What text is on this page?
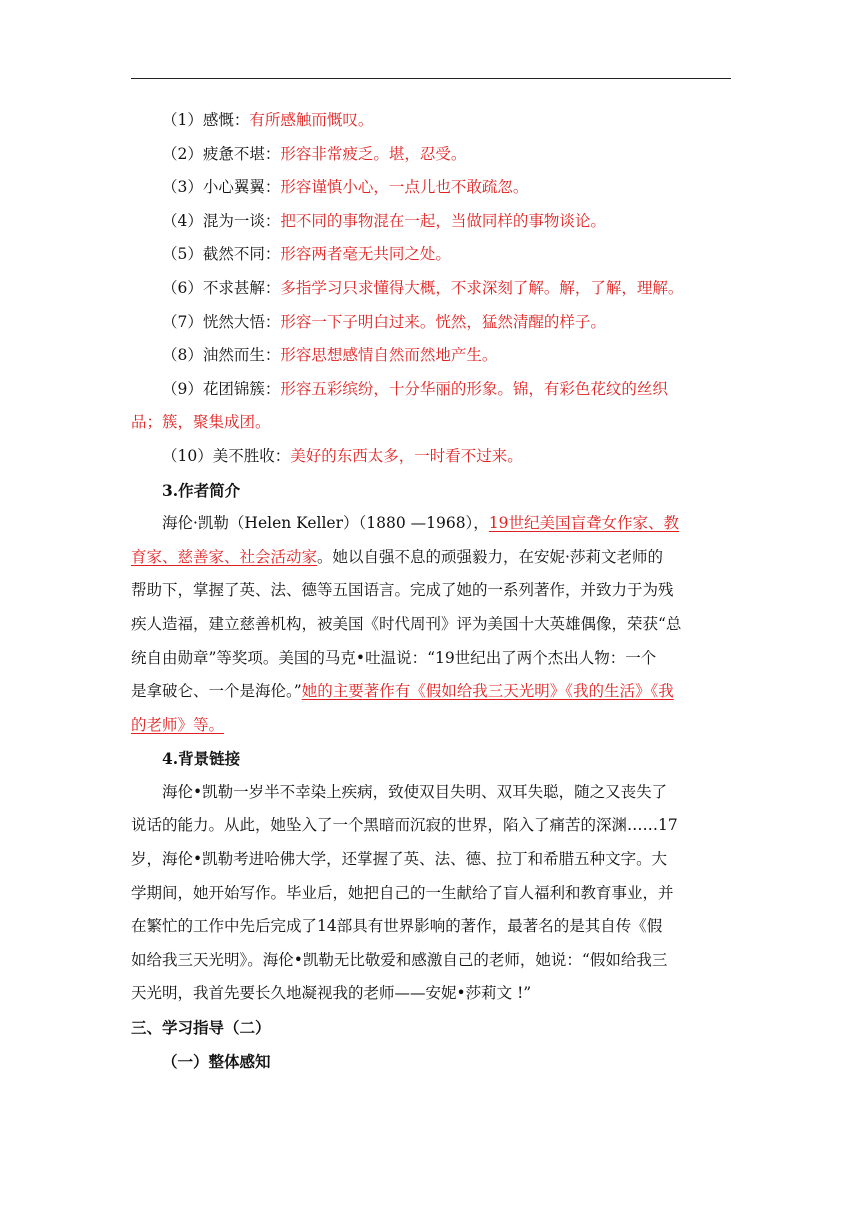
（1）感慨：有所感触而慨叹。
（2）疲惫不堪：形容非常疲乏。堪，忍受。
（3）小心翼翼：形容谨慎小心，一点儿也不敢疏忽。
（4）混为一谈：把不同的事物混在一起，当做同样的事物谈论。
（5）截然不同：形容两者毫无共同之处。
（6）不求甚解：多指学习只求懂得大概，不求深刻了解。解，了解，理解。
（7）恍然大悟：形容一下子明白过来。恍然，猛然清醒的样子。
（8）油然而生：形容思想感情自然而然地产生。
（9）花团锦簇：形容五彩缤纷，十分华丽的形象。锦，有彩色花纹的丝织
品；簇，聚集成团。
（10）美不胜收：美好的东西太多，一时看不过来。
3.作者简介
海伦·凯勒（Helen Keller）（1880 —1968），19世纪美国盲聋女作家、教
育家、慈善家、社会活动家。她以自强不息的顽强毅力，在安妮·莎莉文老师的
帮助下，掌握了英、法、德等五国语言。完成了她的一系列著作，并致力于为残
疾人造福，建立慈善机构，被美国《时代周刊》评为美国十大英雄偶像，荣获“总
统自由勋章”等奖项。美国的马克•吐温说：“19世纪出了两个杰出人物：一个
是拿破仑、一个是海伦。”她的主要著作有《假如给我三天光明》《我的生活》《我
的老师》等。
4.背景链接
海伦•凯勒一岁半不幸染上疾病，致使双目失明、双耳失聪，随之又丧失了
说话的能力。从此，她坠入了一个黑暗而沉寂的世界，陷入了痛苦的深渊……17
岁，海伦•凯勒考进哈佛大学，还掌握了英、法、德、拉丁和希腊五种文字。大
学期间，她开始写作。毕业后，她把自己的一生献给了盲人福利和教育事业，并
在繁忙的工作中先后完成了14部具有世界影响的著作，最著名的是其自传《假
如给我三天光明》。海伦•凯勒无比敬爱和感激自己的老师，她说：“假如给我三
天光明，我首先要长久地凝视我的老师——安妮•莎莉文 !”
三、学习指导（二）
（一）整体感知
